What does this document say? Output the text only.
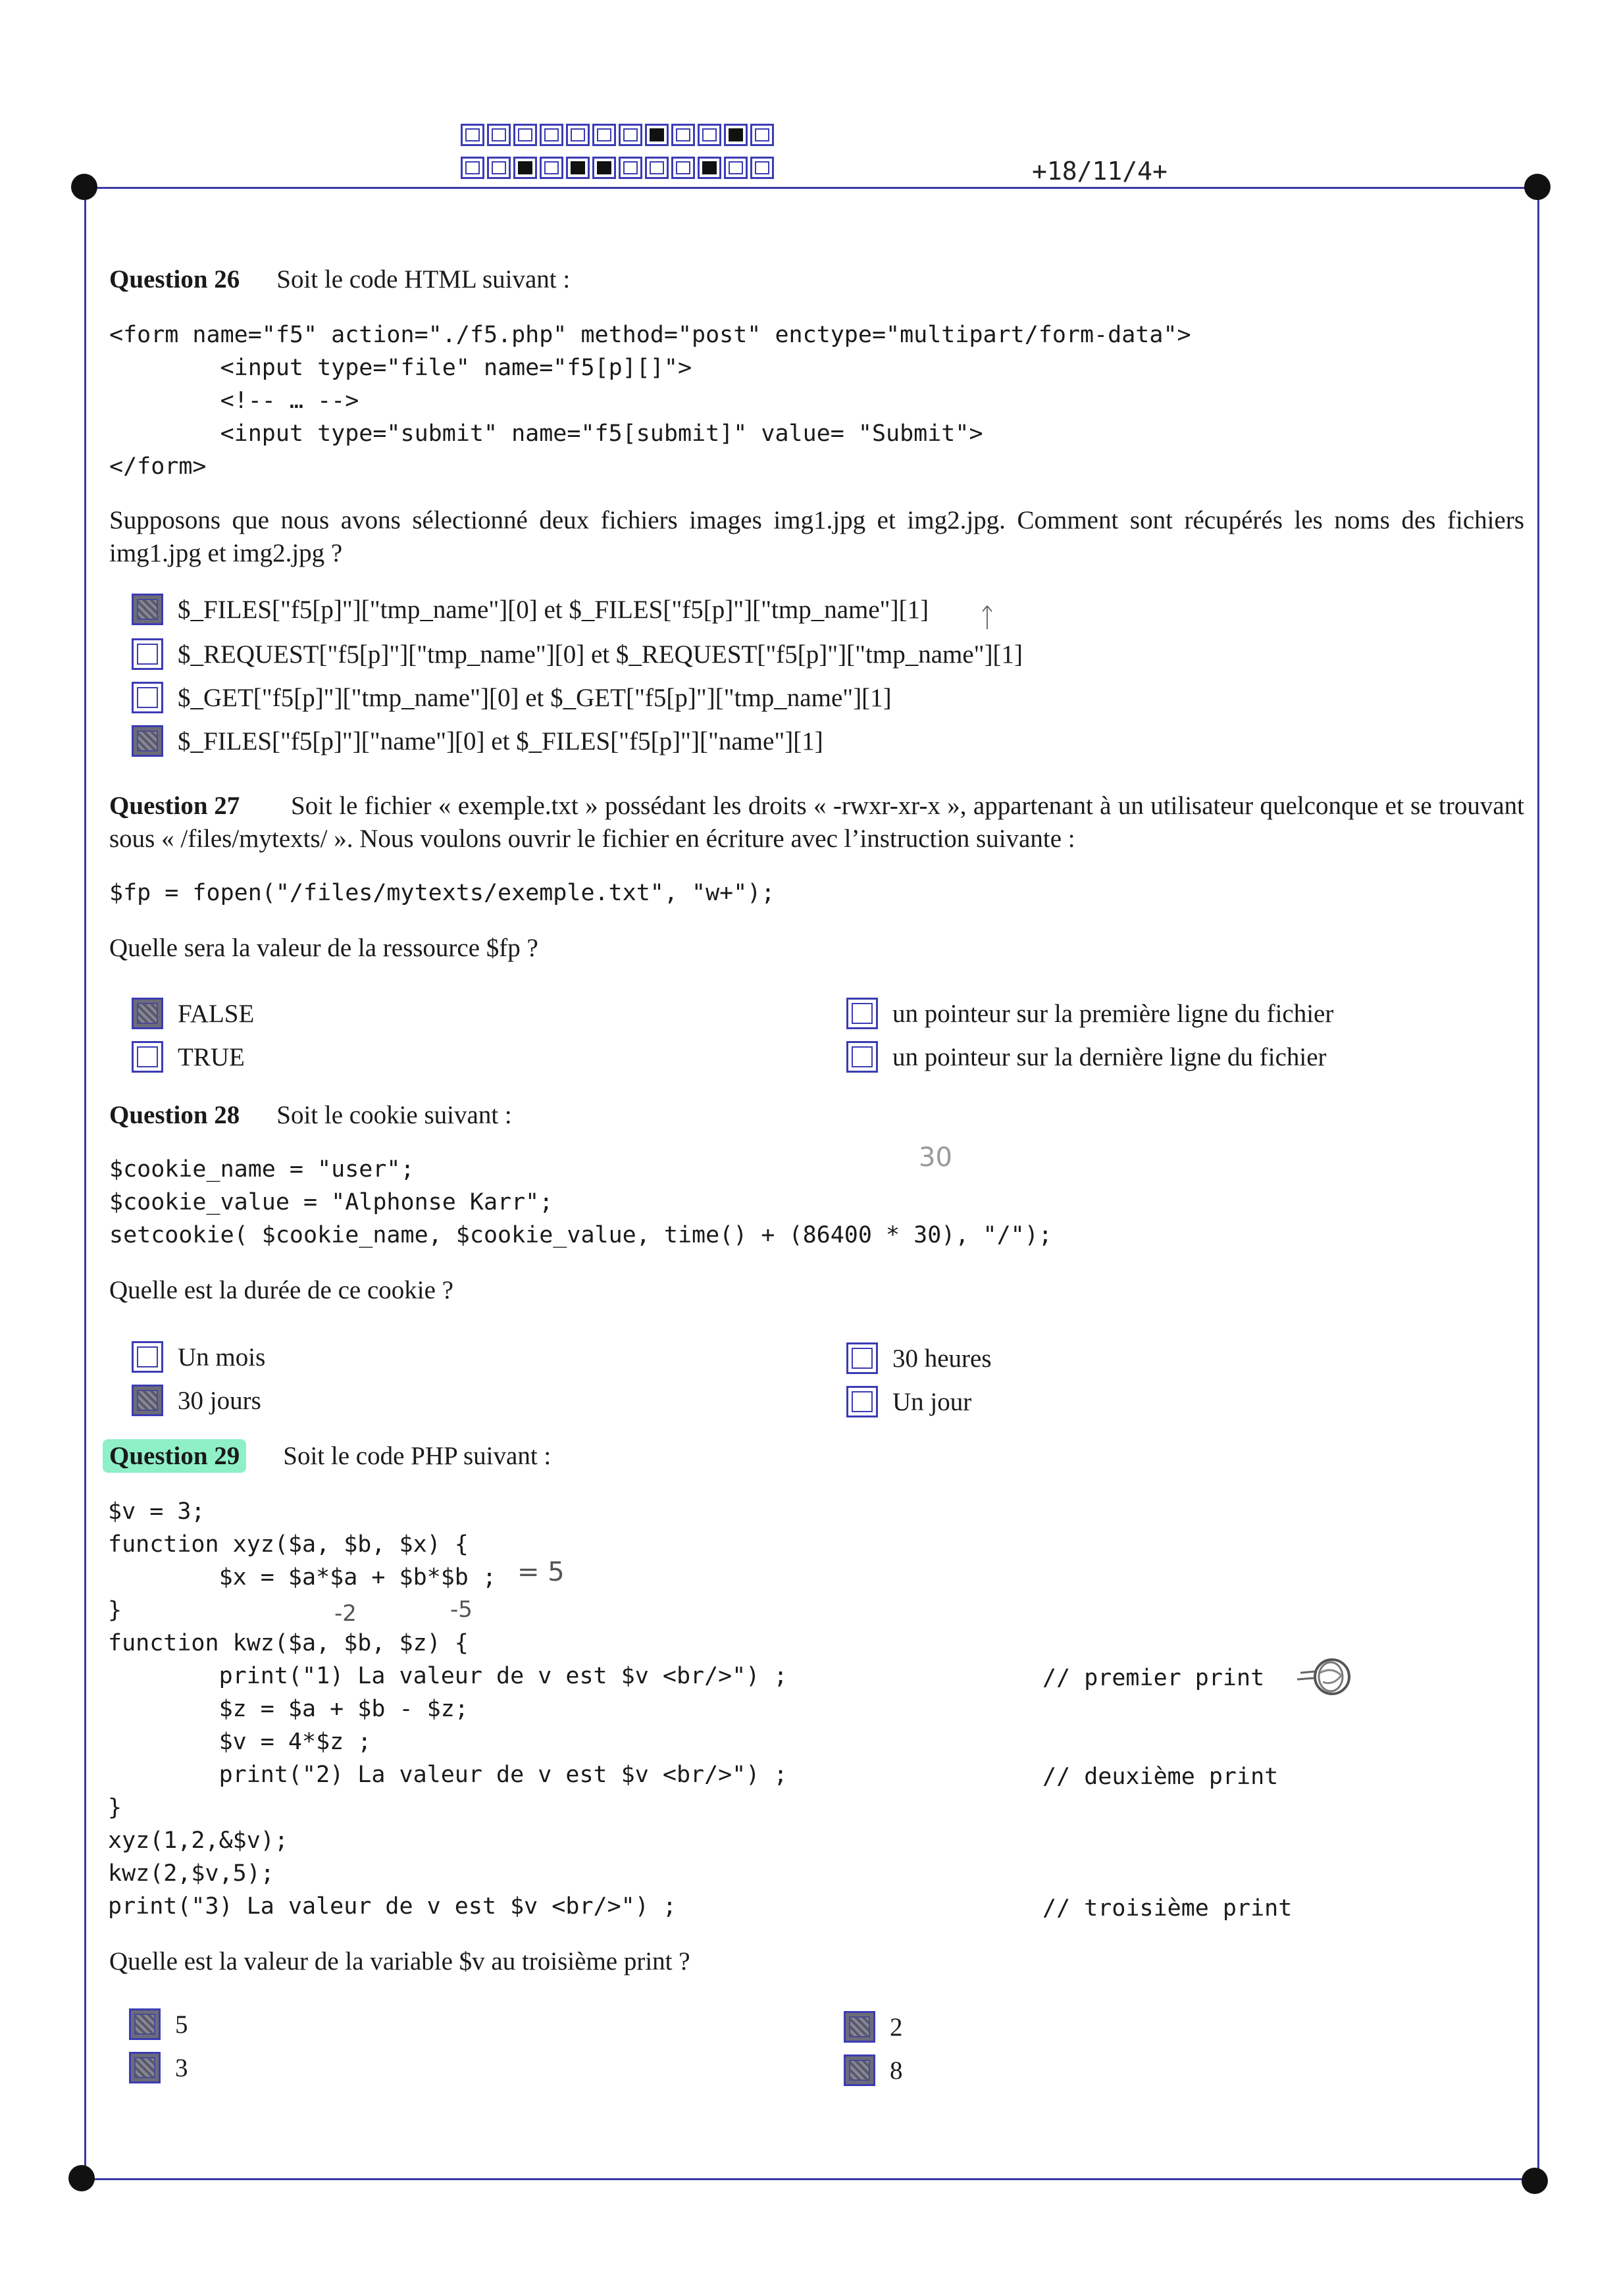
+18/11/4+
Question 26 Soit le code HTML suivant :
<form name="f5" action="./f5.php" method="post" enctype="multipart/form-data">
<input type="file" name="f5[p][]">
<!-- … -->
<input type="submit" name="f5[submit]" value= "Submit">
</form>
Supposons que nous avons sélectionné deux fichiers images img1.jpg et img2.jpg. Comment sont récupérés les noms des fichiers img1.jpg et img2.jpg ?
$_FILES["f5[p]"]["tmp_name"][0] et $_FILES["f5[p]"]["tmp_name"][1]
$_REQUEST["f5[p]"]["tmp_name"][0] et $_REQUEST["f5[p]"]["tmp_name"][1]
$_GET["f5[p]"]["tmp_name"][0] et $_GET["f5[p]"]["tmp_name"][1]
$_FILES["f5[p]"]["name"][0] et $_FILES["f5[p]"]["name"][1]
ᛏ
Question 27	Soit le fichier « exemple.txt » possédant les droits « -rwxr-xr-x », appartenant à un utilisateur quelconque et se trouvant sous « /files/mytexts/ ». Nous voulons ouvrir le fichier en écriture avec l’instruction suivante :
$fp = fopen("/files/mytexts/exemple.txt", "w+");
Quelle sera la valeur de la ressource $fp ?
FALSE
TRUE
un pointeur sur la première ligne du fichier
un pointeur sur la dernière ligne du fichier
Question 28 Soit le cookie suivant :
$cookie_name = "user";
$cookie_value = "Alphonse Karr";
setcookie( $cookie_name, $cookie_value, time() + (86400 * 30), "/");
30
Quelle est la durée de ce cookie ?
Un mois
30 jours
30 heures
Un jour
Question 29 Soit le code PHP suivant :
$v = 3;
function xyz($a, $b, $x) {
$x = $a*$a + $b*$b ;
}
function kwz($a, $b, $z) {
print("1) La valeur de v est $v <br/>") ;
$z = $a + $b - $z;
$v = 4*$z ;
print("2) La valeur de v est $v <br/>") ;
}
xyz(1,2,&$v);
kwz(2,$v,5);
print("3) La valeur de v est $v <br/>") ;
// premier print
// deuxième print
// troisième print
= 5
-2	-5
Quelle est la valeur de la variable $v au troisième print ?
5
3
2
8
